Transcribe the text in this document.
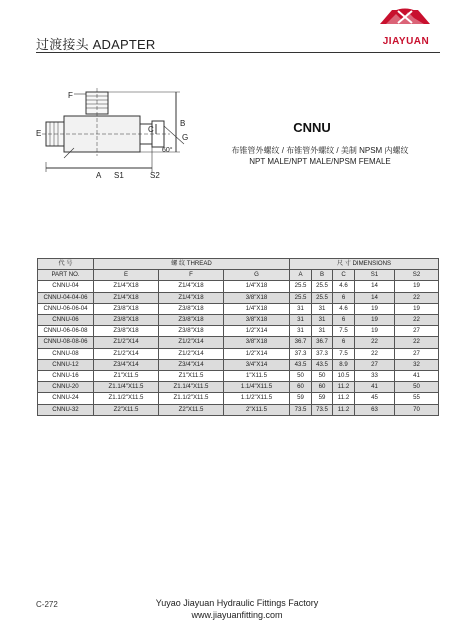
过渡接头 ADAPTER	JIAYUAN
F
E	G
A
B
C
S1	S2
60°
CNNU
布锥管外螺纹 / 布锥管外螺纹 / 美制 NPSM 内螺纹
NPT MALE/NPT MALE/NPSM FEMALE
代 号	螺 纹 THREAD			尺 寸 DIMENSIONS				
PART NO.	E	F	G	A	B	C	S1	S2
CNNU-04	Z1/4"X18	Z1/4"X18	1/4"X18	25.5	25.5	4.6	14	19
CNNU-04-04-06	Z1/4"X18	Z1/4"X18	3/8"X18	25.5	25.5	6	14	22
CNNU-06-06-04	Z3/8"X18	Z3/8"X18	1/4"X18	31	31	4.6	19	19
CNNU-06	Z3/8"X18	Z3/8"X18	3/8"X18	31	31	6	19	22
CNNU-06-06-08	Z3/8"X18	Z3/8"X18	1/2"X14	31	31	7.5	19	27
CNNU-08-08-06	Z1/2"X14	Z1/2"X14	3/8"X18	36.7	36.7	6	22	22
CNNU-08	Z1/2"X14	Z1/2"X14	1/2"X14	37.3	37.3	7.5	22	27
CNNU-12	Z3/4"X14	Z3/4"X14	3/4"X14	43.5	43.5	8.9	27	32
CNNU-16	Z1"X11.5	Z1"X11.5	1"X11.5	50	50	10.5	33	41
CNNU-20	Z1.1/4"X11.5	Z1.1/4"X11.5	1.1/4"X11.5	60	60	11.2	41	50
CNNU-24	Z1.1/2"X11.5	Z1.1/2"X11.5	1.1/2"X11.5	59	59	11.2	45	55
CNNU-32	Z2"X11.5	Z2"X11.5	2"X11.5	73.5	73.5	11.2	63	70
C-272	Yuyao Jiayuan Hydraulic Fittings Factory
www.jiayuanfitting.com
